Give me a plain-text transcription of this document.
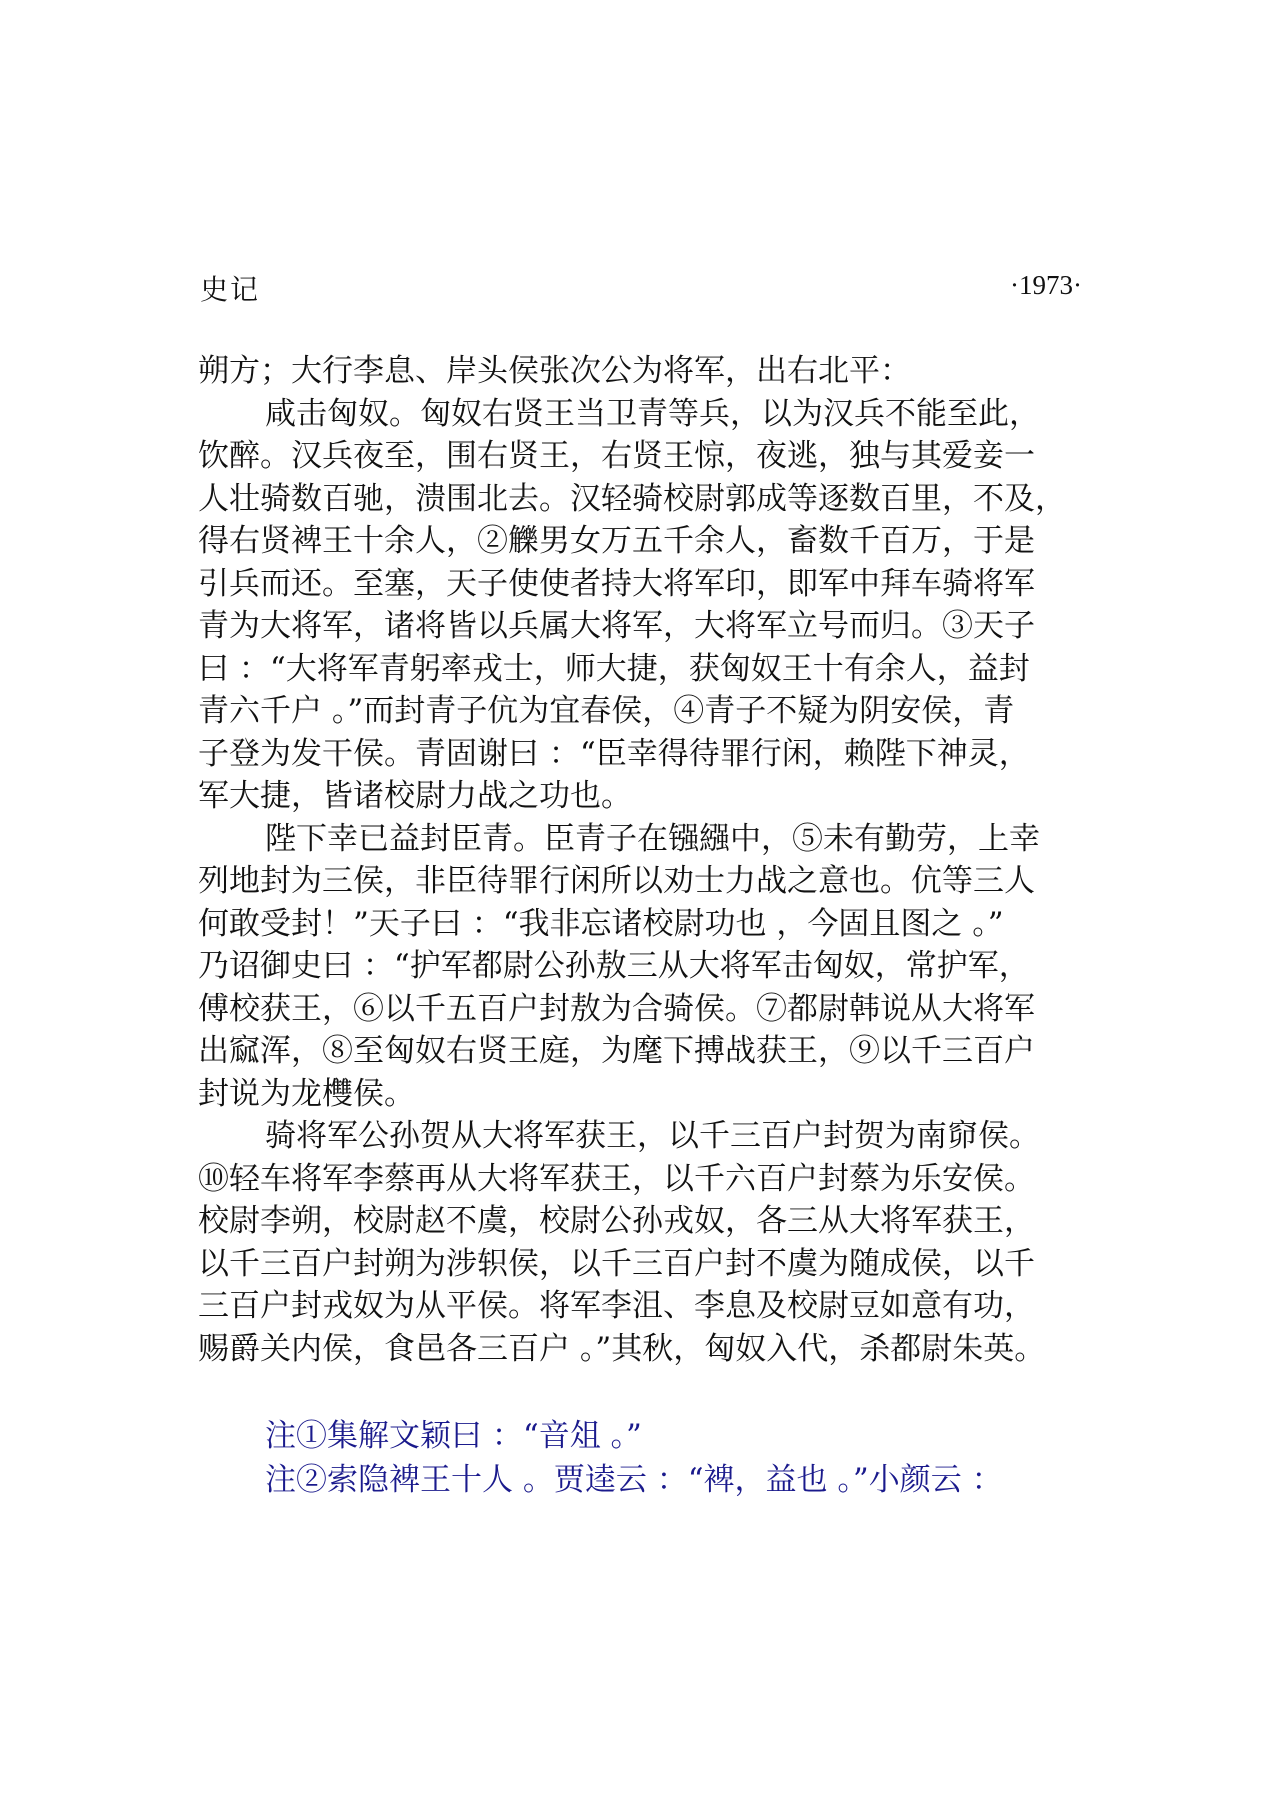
史记	·1973·
朔方；大行李息、岸头侯张次公为将军，出右北平：
咸击匈奴。匈奴右贤王当卫青等兵，以为汉兵不能至此，
饮醉。汉兵夜至，围右贤王，右贤王惊，夜逃，独与其爱妾一
人壮骑数百驰，溃围北去。汉轻骑校尉郭成等逐数百里，不及，
得右贤裨王十余人，②觻男女万五千余人，畜数千百万，于是
引兵而还。至塞，天子使使者持大将军印，即军中拜车骑将军
青为大将军，诸将皆以兵属大将军，大将军立号而归。③天子
曰 ：“大将军青躬率戎士，师大捷，获匈奴王十有余人，益封
青六千户 。”而封青子伉为宜春侯，④青子不疑为阴安侯，青
子登为发干侯。青固谢曰 ：“臣幸得待罪行闲，赖陛下神灵，
军大捷，皆诸校尉力战之功也。
陛下幸已益封臣青。臣青子在镪繦中，⑤未有勤劳，上幸
列地封为三侯，非臣待罪行闲所以劝士力战之意也。伉等三人
何敢受封！”天子曰 ：“我非忘诸校尉功也 ，今固且图之 。”
乃诏御史曰 ：“护军都尉公孙敖三从大将军击匈奴，常护军，
傅校获王，⑥以千五百户封敖为合骑侯。⑦都尉韩说从大将军
出窳浑，⑧至匈奴右贤王庭，为麾下搏战获王，⑨以千三百户
封说为龙欆侯。
骑将军公孙贺从大将军获王，以千三百户封贺为南窌侯。
⑩轻车将军李蔡再从大将军获王，以千六百户封蔡为乐安侯。
校尉李朔，校尉赵不虞，校尉公孙戎奴，各三从大将军获王，
以千三百户封朔为涉轵侯，以千三百户封不虞为随成侯，以千
三百户封戎奴为从平侯。将军李沮、李息及校尉豆如意有功，
赐爵关内侯，食邑各三百户 。”其秋，匈奴入代，杀都尉朱英。
注①集解文颖曰 ：“音俎 。”
注②索隐裨王十人 。贾逵云 ：“裨，益也 。”小颜云 ：
